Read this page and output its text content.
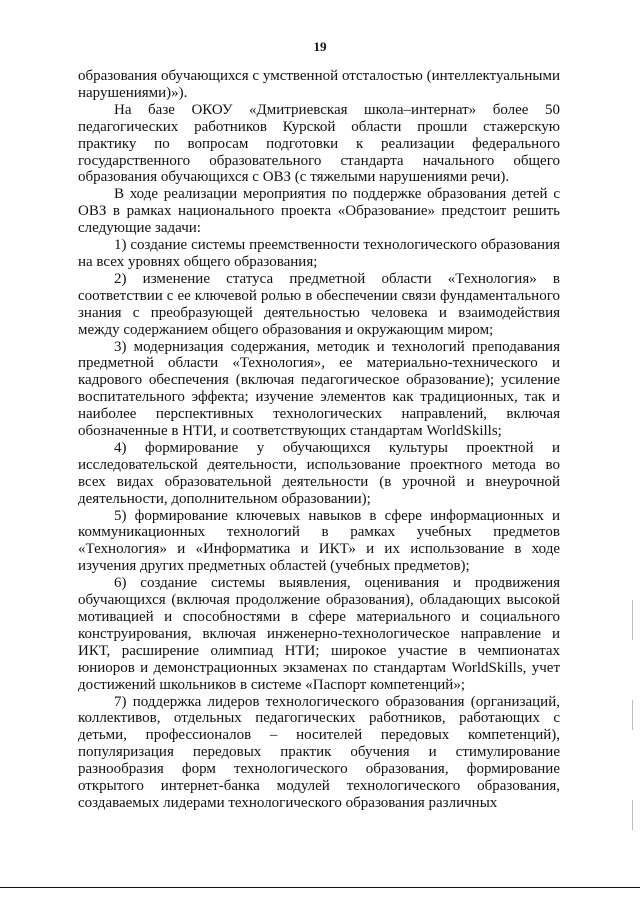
19

образования обучающихся с умственной отсталостью (интеллектуальными нарушениями)»).

На базе ОКОУ «Дмитриевская школа–интернат» более 50 педагогических работников Курской области прошли стажерскую практику по вопросам подготовки к реализации федерального государственного образовательного стандарта начального общего образования обучающихся с ОВЗ (с тяжелыми нарушениями речи).

В ходе реализации мероприятия по поддержке образования детей с ОВЗ в рамках национального проекта «Образование» предстоит решить следующие задачи:

1) создание системы преемственности технологического образования на всех уровнях общего образования;

2) изменение статуса предметной области «Технология» в соответствии с ее ключевой ролью в обеспечении связи фундаментального знания с преобразующей деятельностью человека и взаимодействия между содержанием общего образования и окружающим миром;

3) модернизация содержания, методик и технологий преподавания предметной области «Технология», ее материально-технического и кадрового обеспечения (включая педагогическое образование); усиление воспитательного эффекта; изучение элементов как традиционных, так и наиболее перспективных технологических направлений, включая обозначенные в НТИ, и соответствующих стандартам WorldSkills;

4) формирование у обучающихся культуры проектной и исследовательской деятельности, использование проектного метода во всех видах образовательной деятельности (в урочной и внеурочной деятельности, дополнительном образовании);

5) формирование ключевых навыков в сфере информационных и коммуникационных технологий в рамках учебных предметов «Технология» и «Информатика и ИКТ» и их использование в ходе изучения других предметных областей (учебных предметов);

6) создание системы выявления, оценивания и продвижения обучающихся (включая продолжение образования), обладающих высокой мотивацией и способностями в сфере материального и социального конструирования, включая инженерно-технологическое направление и ИКТ, расширение олимпиад НТИ; широкое участие в чемпионатах юниоров и демонстрационных экзаменах по стандартам WorldSkills, учет достижений школьников в системе «Паспорт компетенций»;

7) поддержка лидеров технологического образования (организаций, коллективов, отдельных педагогических работников, работающих с детьми, профессионалов – носителей передовых компетенций), популяризация передовых практик обучения и стимулирование разнообразия форм технологического образования, формирование открытого интернет-банка модулей технологического образования, создаваемых лидерами технологического образования различных
